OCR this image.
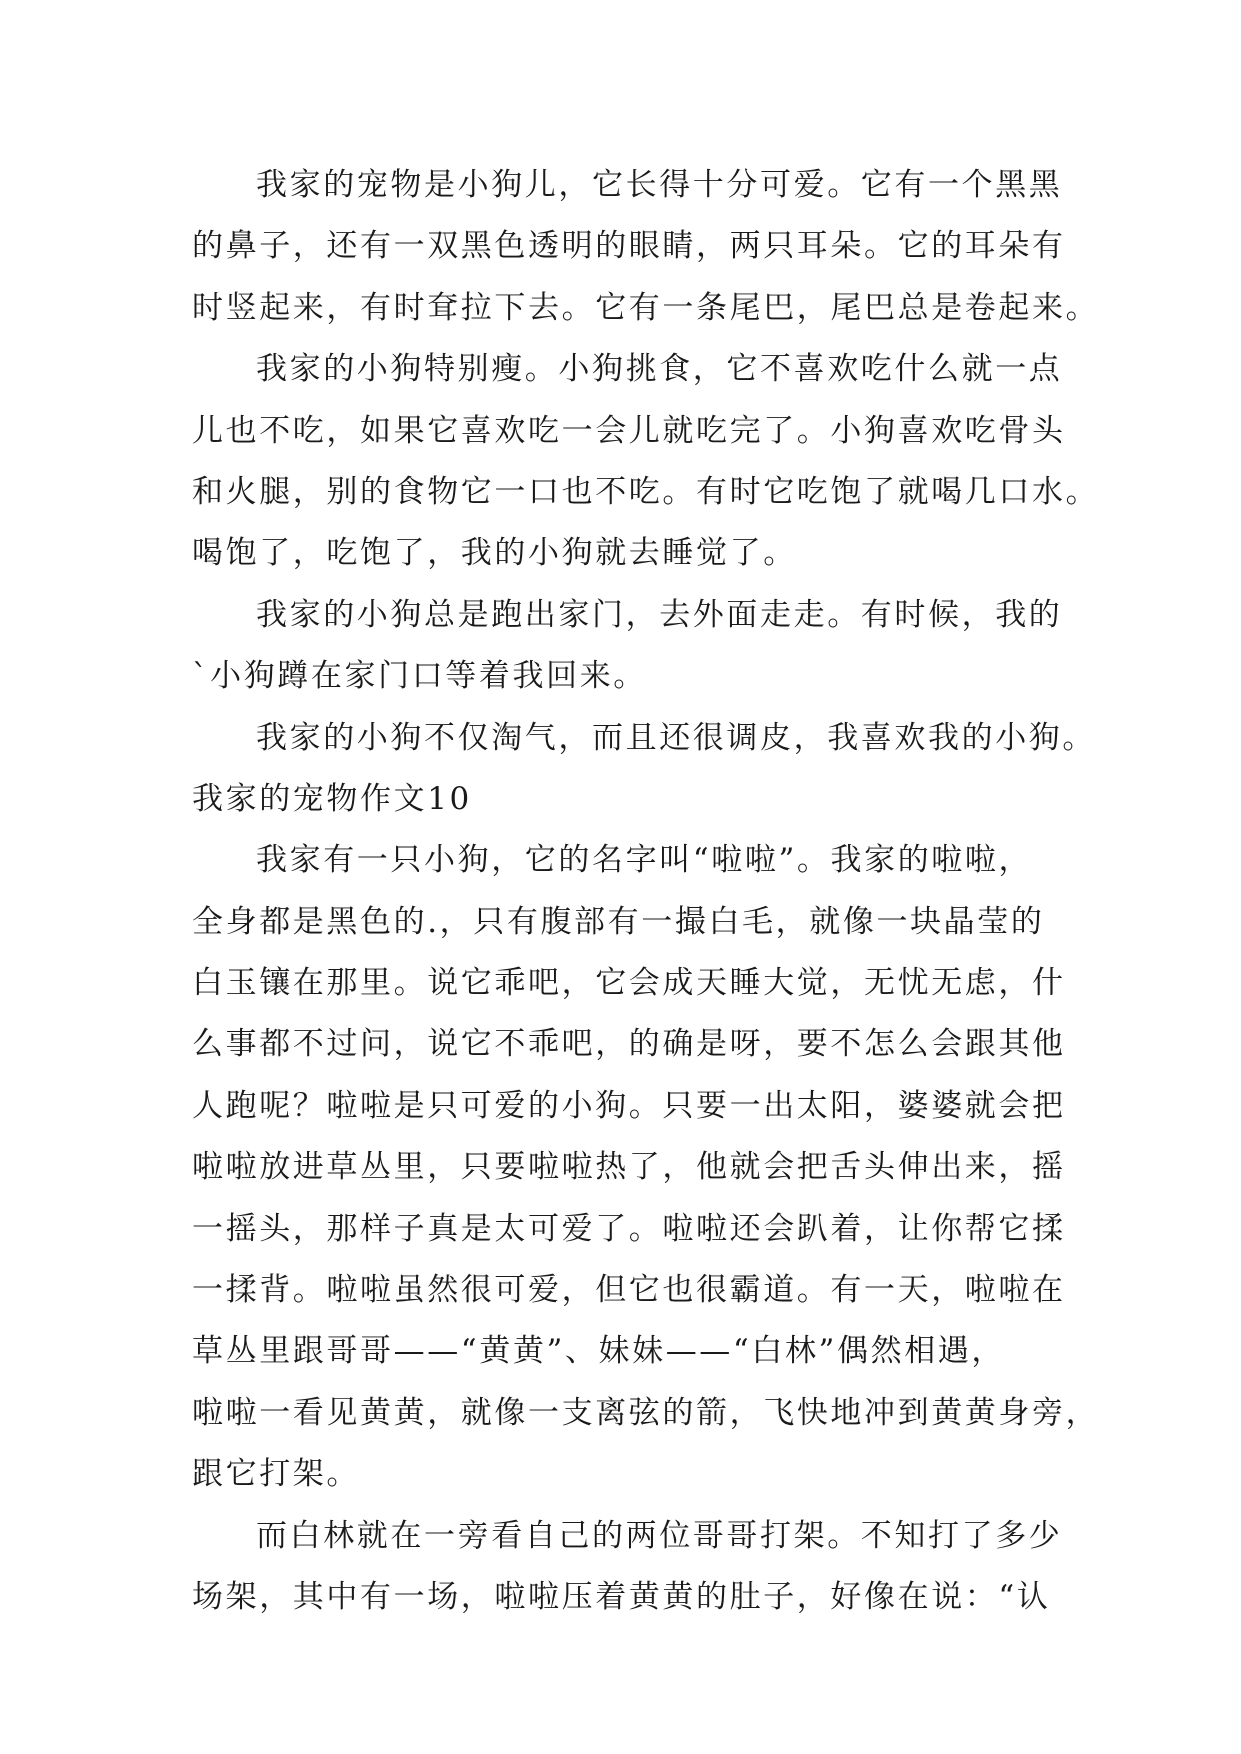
我家的宠物是小狗儿，它长得十分可爱。它有一个黑黑
的鼻子，还有一双黑色透明的眼睛，两只耳朵。它的耳朵有
时竖起来，有时耷拉下去。它有一条尾巴，尾巴总是卷起来。
我家的小狗特别瘦。小狗挑食，它不喜欢吃什么就一点
儿也不吃，如果它喜欢吃一会儿就吃完了。小狗喜欢吃骨头
和火腿，别的食物它一口也不吃。有时它吃饱了就喝几口水。
喝饱了，吃饱了，我的小狗就去睡觉了。
我家的小狗总是跑出家门，去外面走走。有时候，我的
`小狗蹲在家门口等着我回来。
我家的小狗不仅淘气，而且还很调皮，我喜欢我的小狗。
我家的宠物作文10
我家有一只小狗，它的名字叫“啦啦”。我家的啦啦，
全身都是黑色的.，只有腹部有一撮白毛，就像一块晶莹的
白玉镶在那里。说它乖吧，它会成天睡大觉，无忧无虑，什
么事都不过问，说它不乖吧，的确是呀，要不怎么会跟其他
人跑呢？啦啦是只可爱的小狗。只要一出太阳，婆婆就会把
啦啦放进草丛里，只要啦啦热了，他就会把舌头伸出来，摇
一摇头，那样子真是太可爱了。啦啦还会趴着，让你帮它揉
一揉背。啦啦虽然很可爱，但它也很霸道。有一天，啦啦在
草丛里跟哥哥——“黄黄”、妹妹——“白林”偶然相遇，
啦啦一看见黄黄，就像一支离弦的箭，飞快地冲到黄黄身旁，
跟它打架。
而白林就在一旁看自己的两位哥哥打架。不知打了多少
场架，其中有一场，啦啦压着黄黄的肚子，好像在说：“认
